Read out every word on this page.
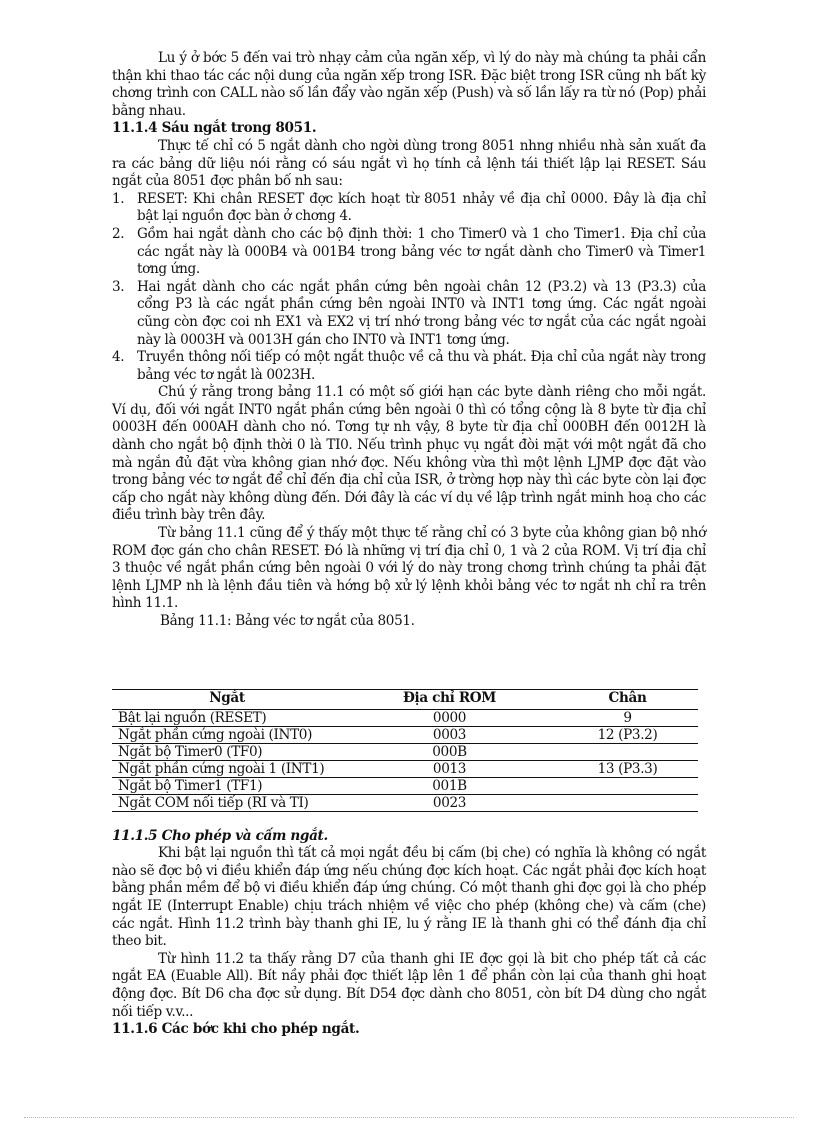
Lu ý ở bớc 5 đến vai trò nhạy cảm của ngăn xếp, vì lý do này mà chúng ta phải cẩn thận khi thao tác các nội dung của ngăn xếp trong ISR. Đặc biệt trong ISR cũng nh bất kỳ chơng trình con CALL nào số lần đẩy vào ngăn xếp (Push) và số lần lấy ra từ nó (Pop) phải bằng nhau.

11.1.4 Sáu ngắt trong 8051.

Thực tế chỉ có 5 ngắt dành cho ngời dùng trong 8051 nhng nhiều nhà sản xuất đa ra các bảng dữ liệu nói rằng có sáu ngắt vì họ tính cả lệnh tái thiết lập lại RESET. Sáu ngắt của 8051 đợc phân bố nh sau:

1. RESET: Khi chân RESET đợc kích hoạt từ 8051 nhảy về địa chỉ 0000. Đây là địa chỉ bật lại nguồn đợc bàn ở chơng 4.
2. Gồm hai ngắt dành cho các bộ định thời: 1 cho Timer0 và 1 cho Timer1. Địa chỉ của các ngắt này là 000B4 và 001B4 trong bảng véc tơ ngắt dành cho Timer0 và Timer1 tơng ứng.
3. Hai ngắt dành cho các ngắt phần cứng bên ngoài chân 12 (P3.2) và 13 (P3.3) của cổng P3 là các ngắt phần cứng bên ngoài INT0 và INT1 tơng ứng. Các ngắt ngoài cũng còn đợc coi nh EX1 và EX2 vị trí nhớ trong bảng véc tơ ngắt của các ngắt ngoài này là 0003H và 0013H gán cho INT0 và INT1 tơng ứng.
4. Truyền thông nối tiếp có một ngắt thuộc về cả thu và phát. Địa chỉ của ngắt này trong bảng véc tơ ngắt là 0023H.

Chú ý rằng trong bảng 11.1 có một số giới hạn các byte dành riêng cho mỗi ngắt. Ví dụ, đối với ngắt INT0 ngắt phần cứng bên ngoài 0 thì có tổng cộng là 8 byte từ địa chỉ 0003H đến 000AH dành cho nó. Tơng tự nh vậy, 8 byte từ địa chỉ 000BH đến 0012H là dành cho ngắt bộ định thời 0 là TI0. Nếu trình phục vụ ngắt đòi mặt với một ngắt đã cho mà ngắn đủ đặt vừa không gian nhớ đợc. Nếu không vừa thì một lệnh LJMP đợc đặt vào trong bảng véc tơ ngắt để chỉ đến địa chỉ của ISR, ở trờng hợp này thì các byte còn lại đợc cấp cho ngắt này không dùng đến. Dới đây là các ví dụ về lập trình ngắt minh hoạ cho các điều trình bày trên đây.

Từ bảng 11.1 cũng để ý thấy một thực tế rằng chỉ có 3 byte của không gian bộ nhớ ROM đợc gán cho chân RESET. Đó là những vị trí địa chỉ 0, 1 và 2 của ROM. Vị trí địa chỉ 3 thuộc về ngắt phần cứng bên ngoài 0 với lý do này trong chơng trình chúng ta phải đặt lệnh LJMP nh là lệnh đầu tiên và hớng bộ xử lý lệnh khỏi bảng véc tơ ngắt nh chỉ ra trên hình 11.1.

Bảng 11.1: Bảng véc tơ ngắt của 8051.

Ngắt	Địa chỉ ROM	Chân
Bật lại nguồn (RESET)	0000	9
Ngắt phần cứng ngoài (INT0)	0003	12 (P3.2)
Ngắt bộ Timer0 (TF0)	000B	
Ngắt phần cứng ngoài 1 (INT1)	0013	13 (P3.3)
Ngắt bộ Timer1 (TF1)	001B	
Ngắt COM nối tiếp (RI và TI)	0023	

11.1.5 Cho phép và cấm ngắt.

Khi bật lại nguồn thì tất cả mọi ngắt đều bị cấm (bị che) có nghĩa là không có ngắt nào sẽ đợc bộ vi điều khiển đáp ứng nếu chúng đợc kích hoạt. Các ngắt phải đợc kích hoạt bằng phần mềm để bộ vi điều khiển đáp ứng chúng. Có một thanh ghi đợc gọi là cho phép ngắt IE (Interrupt Enable) chịu trách nhiệm về việc cho phép (không che) và cấm (che) các ngắt. Hình 11.2 trình bày thanh ghi IE, lu ý rằng IE là thanh ghi có thể đánh địa chỉ theo bit.

Từ hình 11.2 ta thấy rằng D7 của thanh ghi IE đợc gọi là bit cho phép tất cả các ngắt EA (Euable All). Bít nầy phải đợc thiết lập lên 1 để phần còn lại của thanh ghi hoạt động đợc. Bít D6 cha đợc sử dụng. Bít D54 đợc dành cho 8051, còn bít D4 dùng cho ngắt nối tiếp v.v...

11.1.6 Các bớc khi cho phép ngắt.
